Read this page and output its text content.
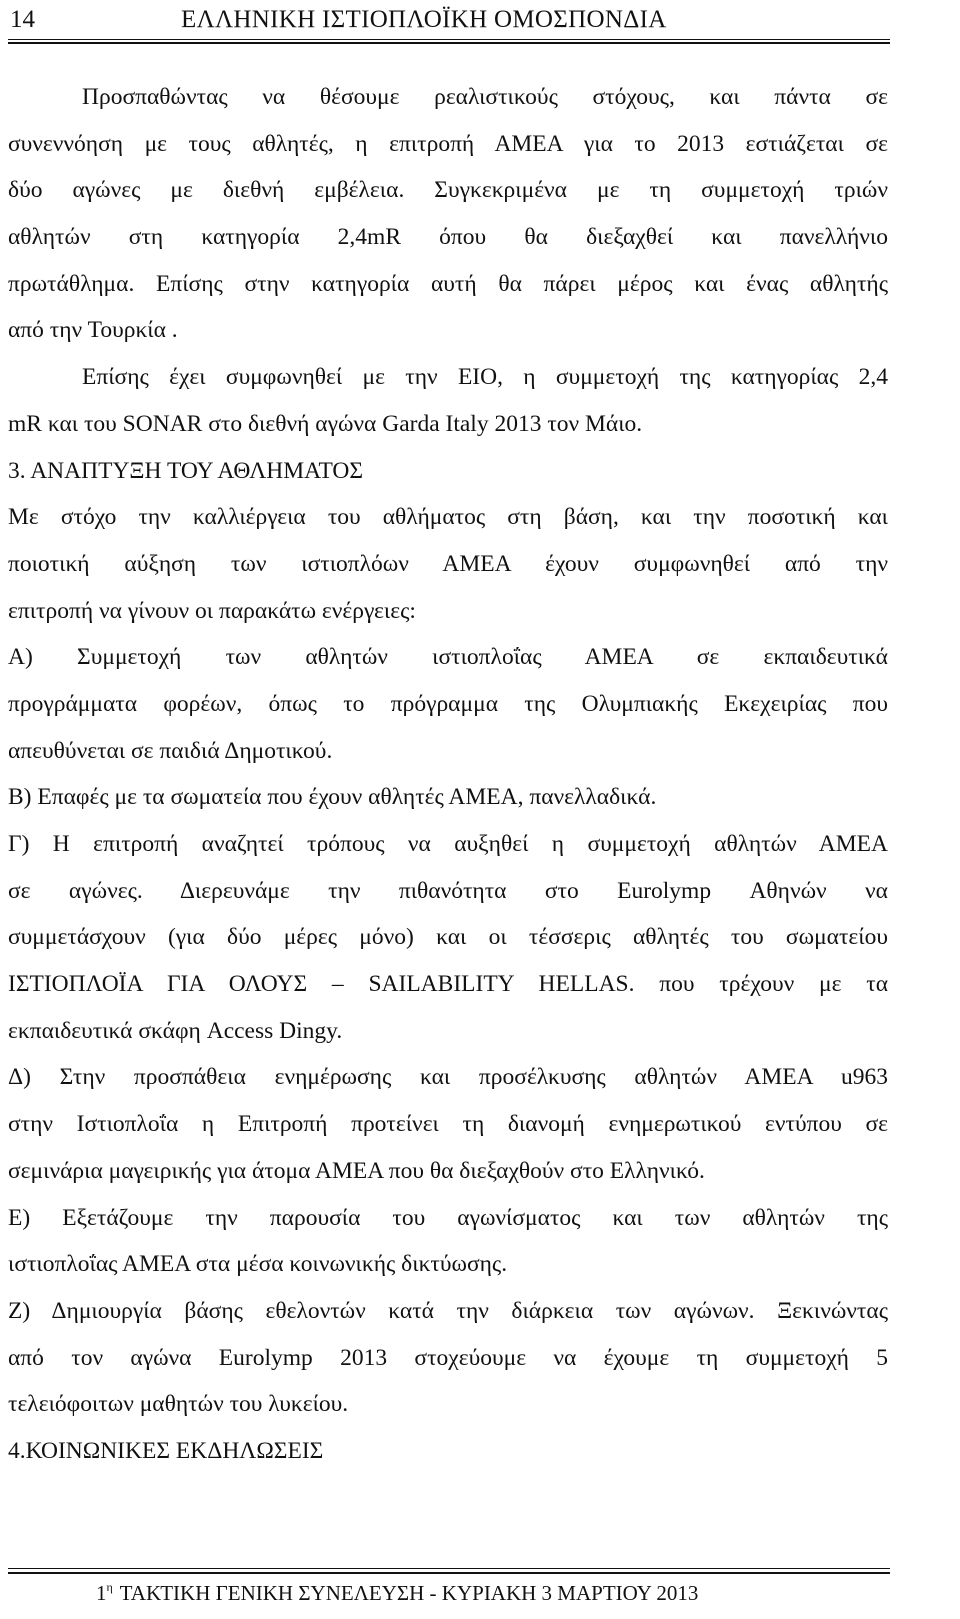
14	ΕΛΛΗΝΙΚΗ ΙΣΤΙΟΠΛΟΪΚΗ ΟΜΟΣΠΟΝΔΙΑ
Προσπαθώντας να θέσουμε ρεαλιστικούς στόχους, και πάντα σε
συνεννόηση με τους αθλητές, η επιτροπή ΑΜΕΑ για το 2013 εστιάζεται σε
δύο αγώνες με διεθνή εμβέλεια. Συγκεκριμένα με τη συμμετοχή τριών
αθλητών στη κατηγορία 2,4mR όπου θα διεξαχθεί και πανελλήνιο
πρωτάθλημα. Επίσης στην κατηγορία αυτή θα πάρει μέρος και ένας αθλητής
από την Τουρκία .
Επίσης έχει συμφωνηθεί με την ΕΙΟ, η συμμετοχή της κατηγορίας 2,4
mR και του SONAR στο διεθνή αγώνα Garda Italy 2013 τον Μάιο.
3. ΑΝΑΠΤΥΞΗ ΤΟΥ ΑΘΛΗΜΑΤΟΣ
Με στόχο την καλλιέργεια του αθλήματος στη βάση, και την ποσοτική και
ποιοτική αύξηση των ιστιοπλόων ΑΜΕΑ έχουν συμφωνηθεί από την
επιτροπή να γίνουν οι παρακάτω ενέργειες:
Α) Συμμετοχή των αθλητών ιστιοπλοΐας ΑΜΕΑ σε εκπαιδευτικά
προγράμματα φορέων, όπως το πρόγραμμα της Ολυμπιακής Εκεχειρίας που
απευθύνεται σε παιδιά Δημοτικού.
Β) Επαφές με τα σωματεία που έχουν αθλητές ΑΜΕΑ, πανελλαδικά.
Γ) Η επιτροπή αναζητεί τρόπους να αυξηθεί η συμμετοχή αθλητών ΑΜΕΑ
σε αγώνες. Διερευνάμε την πιθανότητα στο Eurolymp Αθηνών να
συμμετάσχουν (για δύο μέρες μόνο) και οι τέσσερις αθλητές του σωματείου
ΙΣΤΙΟΠΛΟΪΑ ΓΙΑ ΟΛΟΥΣ – SAILABILITY HELLAS. που τρέχουν με τα
εκπαιδευτικά σκάφη Access Dingy.
Δ) Στην προσπάθεια ενημέρωσης και προσέλκυσης αθλητών ΑΜΕΑ u963
στην Ιστιοπλοΐα η Επιτροπή προτείνει τη διανομή ενημερωτικού εντύπου σε
σεμινάρια μαγειρικής για άτομα ΑΜΕΑ που θα διεξαχθούν στο Ελληνικό.
Ε) Εξετάζουμε την παρουσία του αγωνίσματος και των αθλητών της
ιστιοπλοΐας ΑΜΕΑ στα μέσα κοινωνικής δικτύωσης.
Ζ) Δημιουργία βάσης εθελοντών κατά την διάρκεια των αγώνων. Ξεκινώντας
από τον αγώνα Eurolymp 2013 στοχεύουμε να έχουμε τη συμμετοχή 5
τελειόφοιτων μαθητών του λυκείου.
4.ΚΟΙΝΩΝΙΚΕΣ ΕΚΔΗΛΩΣΕΙΣ
$1^\eta$ ΤΑΚΤΙΚΗ ΓΕΝΙΚΗ ΣΥΝΕΛΕΥΣΗ - ΚΥΡΙΑΚΗ 3 ΜΑΡΤΙΟΥ 2013
